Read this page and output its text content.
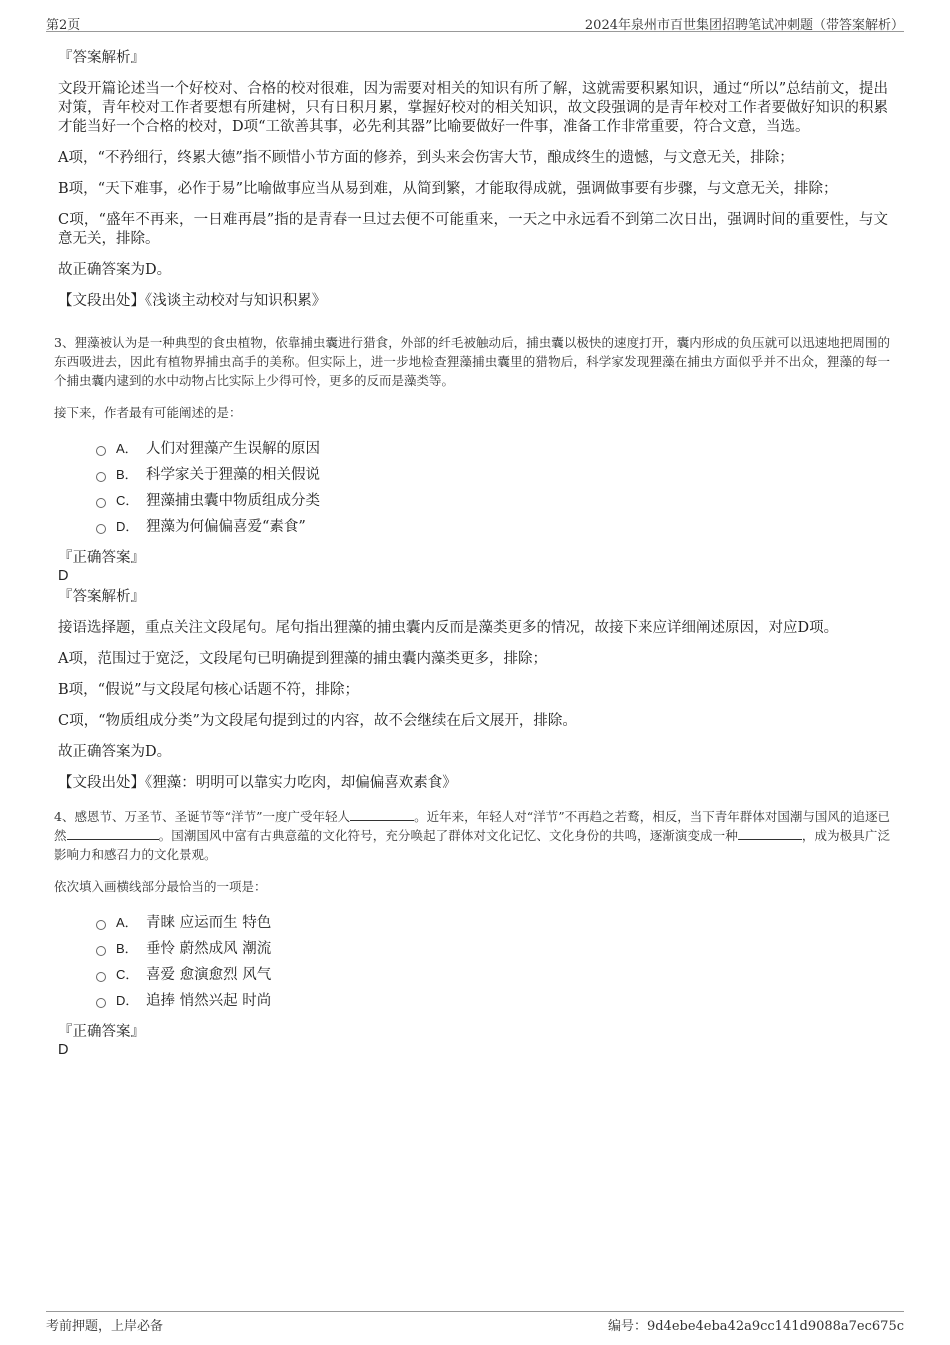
第2页	2024年泉州市百世集团招聘笔试冲刺题（带答案解析）
『答案解析』
文段开篇论述当一个好校对、合格的校对很难，因为需要对相关的知识有所了解，这就需要积累知识，通过“所以”总结前文，提出对策，青年校对工作者要想有所建树，只有日积月累，掌握好校对的相关知识，故文段强调的是青年校对工作者要做好知识的积累才能当好一个合格的校对，D项“工欲善其事，必先利其器”比喻要做好一件事，准备工作非常重要，符合文意，当选。
A项，“不矜细行，终累大德”指不顾惜小节方面的修养，到头来会伤害大节，酿成终生的遗憾，与文意无关，排除；
B项，“天下难事，必作于易”比喻做事应当从易到难，从简到繁，才能取得成就，强调做事要有步骤，与文意无关，排除；
C项，“盛年不再来，一日难再晨”指的是青春一旦过去便不可能重来，一天之中永远看不到第二次日出，强调时间的重要性，与文意无关，排除。
故正确答案为D。
【文段出处】《浅谈主动校对与知识积累》
3、狸藻被认为是一种典型的食虫植物，依靠捕虫囊进行猎食，外部的纤毛被触动后，捕虫囊以极快的速度打开，囊内形成的负压就可以迅速地把周围的东西吸进去，因此有植物界捕虫高手的美称。但实际上，进一步地检查狸藻捕虫囊里的猎物后，科学家发现狸藻在捕虫方面似乎并不出众，狸藻的每一个捕虫囊内逮到的水中动物占比实际上少得可怜，更多的反而是藻类等。
接下来，作者最有可能阐述的是：
A． 人们对狸藻产生误解的原因
B． 科学家关于狸藻的相关假说
C． 狸藻捕虫囊中物质组成分类
D． 狸藻为何偏偏喜爱“素食”
『正确答案』
D
『答案解析』
接语选择题，重点关注文段尾句。尾句指出狸藻的捕虫囊内反而是藻类更多的情况，故接下来应详细阐述原因，对应D项。
A项，范围过于宽泛，文段尾句已明确提到狸藻的捕虫囊内藻类更多，排除；
B项，“假说”与文段尾句核心话题不符，排除；
C项，“物质组成分类”为文段尾句提到过的内容，故不会继续在后文展开，排除。
故正确答案为D。
【文段出处】《狸藻：明明可以靠实力吃肉，却偏偏喜欢素食》
4、感恩节、万圣节、圣诞节等“洋节”一度广受年轻人	。近年来，年轻人对“洋节”不再趋之若鹜，相反，当下青年群体对国潮与国风的追逐已然	。国潮国风中富有古典意蕴的文化符号，充分唤起了群体对文化记忆、文化身份的共鸣，逐渐演变成一种	，成为极具广泛影响力和感召力的文化景观。
依次填入画横线部分最恰当的一项是：
A． 青睐 应运而生 特色
B． 垂怜 蔚然成风 潮流
C． 喜爱 愈演愈烈 风气
D． 追捧 悄然兴起 时尚
『正确答案』
D
考前押题，上岸必备	编号：9d4ebe4eba42a9cc141d9088a7ec675c
